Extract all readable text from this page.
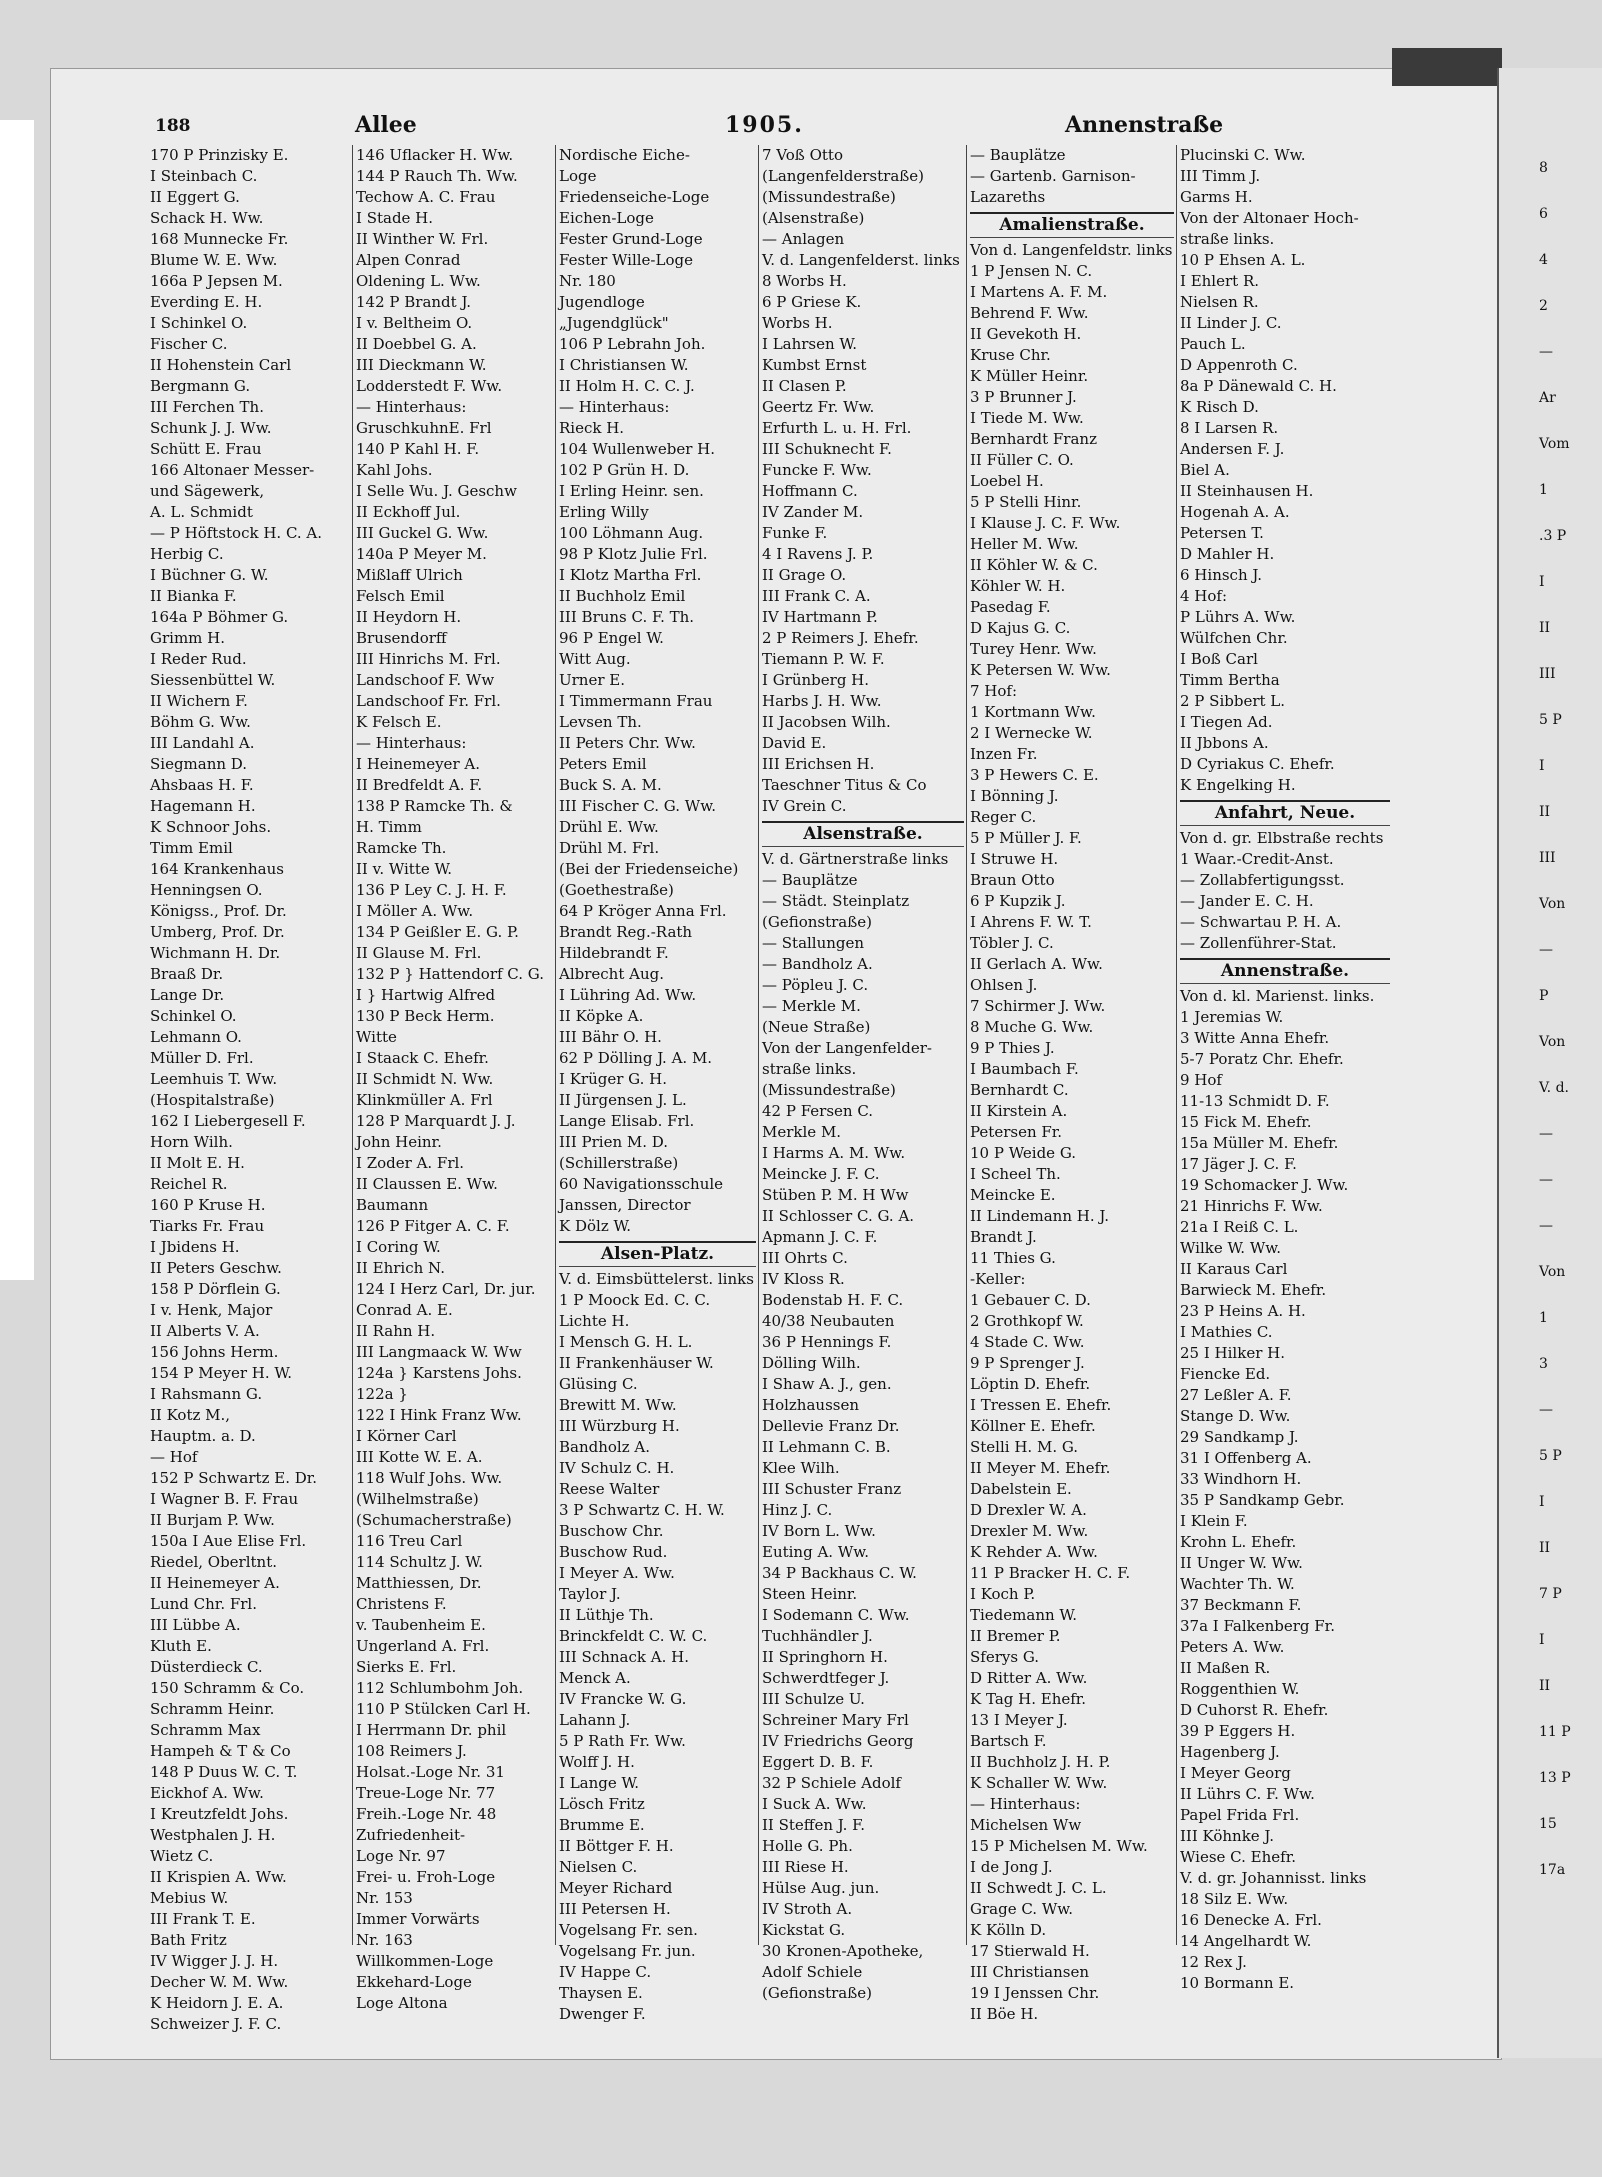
188	Allee	1905.	Annenstraße
170 P Prinzisky E.
I Steinbach C.
II Eggert G.
Schack H. Ww.
168 Munnecke Fr.
Blume W. E. Ww.
166a P Jepsen M.
Everding E. H.
I Schinkel O.
Fischer C.
II Hohenstein Carl
Bergmann G.
III Ferchen Th.
Schunk J. J. Ww.
Schütt E. Frau
166 Altonaer Messer-
und Sägewerk,
A. L. Schmidt
— P Höftstock H. C. A.
Herbig C.
I Büchner G. W.
II Bianka F.
164a P Böhmer G.
Grimm H.
I Reder Rud.
Siessenbüttel W.
II Wichern F.
Böhm G. Ww.
III Landahl A.
Siegmann D.
Ahsbaas H. F.
Hagemann H.
K Schnoor Johs.
Timm Emil
164 Krankenhaus
Henningsen O.
Königss., Prof. Dr.
Umberg, Prof. Dr.
Wichmann H. Dr.
Braaß Dr.
Lange Dr.
Schinkel O.
Lehmann O.
Müller D. Frl.
Leemhuis T. Ww.
(Hospitalstraße)
162 I Liebergesell F.
Horn Wilh.
II Molt E. H.
Reichel R.
160 P Kruse H.
Tiarks Fr. Frau
I Jbidens H.
II Peters Geschw.
158 P Dörflein G.
I v. Henk, Major
II Alberts V. A.
156 Johns Herm.
154 P Meyer H. W.
I Rahsmann G.
II Kotz M.,
Hauptm. a. D.
— Hof
152 P Schwartz E. Dr.
I Wagner B. F. Frau
II Burjam P. Ww.
150a I Aue Elise Frl.
Riedel, Oberltnt.
II Heinemeyer A.
Lund Chr. Frl.
III Lübbe A.
Kluth E.
Düsterdieck C.
150 Schramm & Co.
Schramm Heinr.
Schramm Max
Hampeh & T & Co
148 P Duus W. C. T.
Eickhof A. Ww.
I Kreutzfeldt Johs.
Westphalen J. H.
Wietz C.
II Krispien A. Ww.
Mebius W.
III Frank T. E.
Bath Fritz
IV Wigger J. J. H.
Decher W. M. Ww.
K Heidorn J. E. A.
Schweizer J. F. C.
146 Uflacker H. Ww.
144 P Rauch Th. Ww.
Techow A. C. Frau
I Stade H.
II Winther W. Frl.
Alpen Conrad
Oldening L. Ww.
142 P Brandt J.
I v. Beltheim O.
II Doebbel G. A.
III Dieckmann W.
Lodderstedt F. Ww.
— Hinterhaus:
GruschkuhnE. Frl
140 P Kahl H. F.
Kahl Johs.
I Selle Wu. J. Geschw
II Eckhoff Jul.
III Guckel G. Ww.
140a P Meyer M.
Mißlaff Ulrich
Felsch Emil
II Heydorn H.
Brusendorff
III Hinrichs M. Frl.
Landschoof F. Ww
Landschoof Fr. Frl.
K Felsch E.
— Hinterhaus:
I Heinemeyer A.
II Bredfeldt A. F.
138 P Ramcke Th. &
H. Timm
Ramcke Th.
II v. Witte W.
136 P Ley C. J. H. F.
I Möller A. Ww.
134 P Geißler E. G. P.
II Glause M. Frl.
132 P } Hattendorf C. G.
I } Hartwig Alfred
130 P Beck Herm.
Witte
I Staack C. Ehefr.
II Schmidt N. Ww.
Klinkmüller A. Frl
128 P Marquardt J. J.
John Heinr.
I Zoder A. Frl.
II Claussen E. Ww.
Baumann
126 P Fitger A. C. F.
I Coring W.
II Ehrich N.
124 I Herz Carl, Dr. jur.
Conrad A. E.
II Rahn H.
III Langmaack W. Ww
124a } Karstens Johs.
122a }
122 I Hink Franz Ww.
I Körner Carl
III Kotte W. E. A.
118 Wulf Johs. Ww.
(Wilhelmstraße)
(Schumacherstraße)
116 Treu Carl
114 Schultz J. W.
Matthiessen, Dr.
Christens F.
v. Taubenheim E.
Ungerland A. Frl.
Sierks E. Frl.
112 Schlumbohm Joh.
110 P Stülcken Carl H.
I Herrmann Dr. phil
108 Reimers J.
Holsat.-Loge Nr. 31
Treue-Loge Nr. 77
Freih.-Loge Nr. 48
Zufriedenheit-
Loge Nr. 97
Frei- u. Froh-Loge
Nr. 153
Immer Vorwärts
Nr. 163
Willkommen-Loge
Ekkehard-Loge
Loge Altona
Nordische Eiche-
Loge
Friedenseiche-Loge
Eichen-Loge
Fester Grund-Loge
Fester Wille-Loge
Nr. 180
Jugendloge
„Jugendglück"
106 P Lebrahn Joh.
I Christiansen W.
II Holm H. C. C. J.
— Hinterhaus:
Rieck H.
104 Wullenweber H.
102 P Grün H. D.
I Erling Heinr. sen.
Erling Willy
100 Löhmann Aug.
98 P Klotz Julie Frl.
I Klotz Martha Frl.
II Buchholz Emil
III Bruns C. F. Th.
96 P Engel W.
Witt Aug.
Urner E.
I Timmermann Frau
Levsen Th.
II Peters Chr. Ww.
Peters Emil
Buck S. A. M.
III Fischer C. G. Ww.
Drühl E. Ww.
Drühl M. Frl.
(Bei der Friedenseiche)
(Goethestraße)
64 P Kröger Anna Frl.
Brandt Reg.-Rath
Hildebrandt F.
Albrecht Aug.
I Lühring Ad. Ww.
II Köpke A.
III Bähr O. H.
62 P Dölling J. A. M.
I Krüger G. H.
II Jürgensen J. L.
Lange Elisab. Frl.
III Prien M. D.
(Schillerstraße)
60 Navigationsschule
Janssen, Director
K Dölz W.
Alsen-Platz.
V. d. Eimsbüttelerst. links
1 P Moock Ed. C. C.
Lichte H.
I Mensch G. H. L.
II Frankenhäuser W.
Glüsing C.
Brewitt M. Ww.
III Würzburg H.
Bandholz A.
IV Schulz C. H.
Reese Walter
3 P Schwartz C. H. W.
Buschow Chr.
Buschow Rud.
I Meyer A. Ww.
Taylor J.
II Lüthje Th.
Brinckfeldt C. W. C.
III Schnack A. H.
Menck A.
IV Francke W. G.
Lahann J.
5 P Rath Fr. Ww.
Wolff J. H.
I Lange W.
Lösch Fritz
Brumme E.
II Böttger F. H.
Nielsen C.
Meyer Richard
III Petersen H.
Vogelsang Fr. sen.
Vogelsang Fr. jun.
IV Happe C.
Thaysen E.
Dwenger F.
7 Voß Otto
(Langenfelderstraße)
(Missundestraße)
(Alsenstraße)
— Anlagen
V. d. Langenfelderst. links
8 Worbs H.
6 P Griese K.
Worbs H.
I Lahrsen W.
Kumbst Ernst
II Clasen P.
Geertz Fr. Ww.
Erfurth L. u. H. Frl.
III Schuknecht F.
Funcke F. Ww.
Hoffmann C.
IV Zander M.
Funke F.
4 I Ravens J. P.
II Grage O.
III Frank C. A.
IV Hartmann P.
2 P Reimers J. Ehefr.
Tiemann P. W. F.
I Grünberg H.
Harbs J. H. Ww.
II Jacobsen Wilh.
David E.
III Erichsen H.
Taeschner Titus & Co
IV Grein C.
Alsenstraße.
V. d. Gärtnerstraße links
— Bauplätze
— Städt. Steinplatz
(Gefionstraße)
— Stallungen
— Bandholz A.
— Pöpleu J. C.
— Merkle M.
(Neue Straße)
Von der Langenfelder-
straße links.
(Missundestraße)
42 P Fersen C.
Merkle M.
I Harms A. M. Ww.
Meincke J. F. C.
Stüben P. M. H Ww
II Schlosser C. G. A.
Apmann J. C. F.
III Ohrts C.
IV Kloss R.
Bodenstab H. F. C.
40/38 Neubauten
36 P Hennings F.
Dölling Wilh.
I Shaw A. J., gen.
Holzhaussen
Dellevie Franz Dr.
II Lehmann C. B.
Klee Wilh.
III Schuster Franz
Hinz J. C.
IV Born L. Ww.
Euting A. Ww.
34 P Backhaus C. W.
Steen Heinr.
I Sodemann C. Ww.
Tuchhändler J.
II Springhorn H.
Schwerdtfeger J.
III Schulze U.
Schreiner Mary Frl
IV Friedrichs Georg
Eggert D. B. F.
32 P Schiele Adolf
I Suck A. Ww.
II Steffen J. F.
Holle G. Ph.
III Riese H.
Hülse Aug. jun.
IV Stroth A.
Kickstat G.
30 Kronen-Apotheke,
Adolf Schiele
(Gefionstraße)
— Bauplätze
— Gartenb. Garnison-
Lazareths
Amalienstraße.
Von d. Langenfeldstr. links
1 P Jensen N. C.
I Martens A. F. M.
Behrend F. Ww.
II Gevekoth H.
Kruse Chr.
K Müller Heinr.
3 P Brunner J.
I Tiede M. Ww.
Bernhardt Franz
II Füller C. O.
Loebel H.
5 P Stelli Hinr.
I Klause J. C. F. Ww.
Heller M. Ww.
II Köhler W. & C.
Köhler W. H.
Pasedag F.
D Kajus G. C.
Turey Henr. Ww.
K Petersen W. Ww.
7 Hof:
1 Kortmann Ww.
2 I Wernecke W.
Inzen Fr.
3 P Hewers C. E.
I Bönning J.
Reger C.
5 P Müller J. F.
I Struwe H.
Braun Otto
6 P Kupzik J.
I Ahrens F. W. T.
Töbler J. C.
II Gerlach A. Ww.
Ohlsen J.
7 Schirmer J. Ww.
8 Muche G. Ww.
9 P Thies J.
I Baumbach F.
Bernhardt C.
II Kirstein A.
Petersen Fr.
10 P Weide G.
I Scheel Th.
Meincke E.
II Lindemann H. J.
Brandt J.
11 Thies G.
-Keller:
1 Gebauer C. D.
2 Grothkopf W.
4 Stade C. Ww.
9 P Sprenger J.
Löptin D. Ehefr.
I Tressen E. Ehefr.
Köllner E. Ehefr.
Stelli H. M. G.
II Meyer M. Ehefr.
Dabelstein E.
D Drexler W. A.
Drexler M. Ww.
K Rehder A. Ww.
11 P Bracker H. C. F.
I Koch P.
Tiedemann W.
II Bremer P.
Sferys G.
D Ritter A. Ww.
K Tag H. Ehefr.
13 I Meyer J.
Bartsch F.
II Buchholz J. H. P.
K Schaller W. Ww.
— Hinterhaus:
Michelsen Ww
15 P Michelsen M. Ww.
I de Jong J.
II Schwedt J. C. L.
Grage C. Ww.
K Kölln D.
17 Stierwald H.
III Christiansen
19 I Jenssen Chr.
II Böe H.
Plucinski C. Ww.
III Timm J.
Garms H.
Von der Altonaer Hoch-
straße links.
10 P Ehsen A. L.
I Ehlert R.
Nielsen R.
II Linder J. C.
Pauch L.
D Appenroth C.
8a P Dänewald C. H.
K Risch D.
8 I Larsen R.
Andersen F. J.
Biel A.
II Steinhausen H.
Hogenah A. A.
Petersen T.
D Mahler H.
6 Hinsch J.
4 Hof:
P Lührs A. Ww.
Wülfchen Chr.
I Boß Carl
Timm Bertha
2 P Sibbert L.
I Tiegen Ad.
II Jbbons A.
D Cyriakus C. Ehefr.
K Engelking H.
Anfahrt, Neue.
Von d. gr. Elbstraße rechts
1 Waar.-Credit-Anst.
— Zollabfertigungsst.
— Jander E. C. H.
— Schwartau P. H. A.
— Zollenführer-Stat.
Annenstraße.
Von d. kl. Marienst. links.
1 Jeremias W.
3 Witte Anna Ehefr.
5-7 Poratz Chr. Ehefr.
9 Hof
11-13 Schmidt D. F.
15 Fick M. Ehefr.
15a Müller M. Ehefr.
17 Jäger J. C. F.
19 Schomacker J. Ww.
21 Hinrichs F. Ww.
21a I Reiß C. L.
Wilke W. Ww.
II Karaus Carl
Barwieck M. Ehefr.
23 P Heins A. H.
I Mathies C.
25 I Hilker H.
Fiencke Ed.
27 Leßler A. F.
Stange D. Ww.
29 Sandkamp J.
31 I Offenberg A.
33 Windhorn H.
35 P Sandkamp Gebr.
I Klein F.
Krohn L. Ehefr.
II Unger W. Ww.
Wachter Th. W.
37 Beckmann F.
37a I Falkenberg Fr.
Peters A. Ww.
II Maßen R.
Roggenthien W.
D Cuhorst R. Ehefr.
39 P Eggers H.
Hagenberg J.
I Meyer Georg
II Lührs C. F. Ww.
Papel Frida Frl.
III Köhnke J.
Wiese C. Ehefr.
V. d. gr. Johannisst. links
18 Silz E. Ww.
16 Denecke A. Frl.
14 Angelhardt W.
12 Rex J.
10 Bormann E.
8
6
4
2
—
Ar
Vom
1
.3 P
I
II
III
5 P
I
II
III
Von
—
P
Von
V. d.
—
—
—
Von
1
3
—
5 P
I
II
7 P
I
II
11 P
13 P
15
17a
